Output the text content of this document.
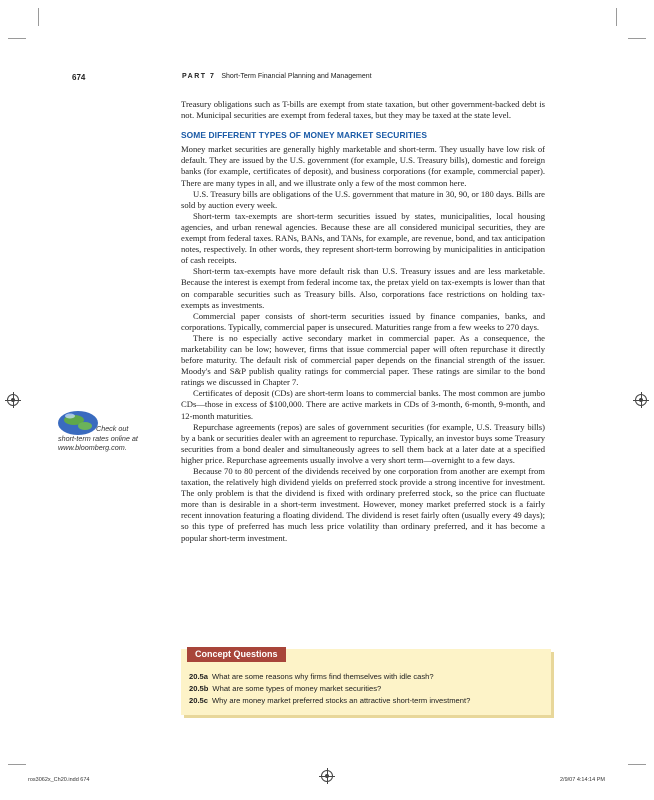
674	PART 7 Short-Term Financial Planning and Management
Check out
short-term rates online at
www.bloomberg.com.

Treasury obligations such as T-bills are exempt from state taxation, but other government-backed debt is not. Municipal securities are exempt from federal taxes, but they may be taxed at the state level.

SOME DIFFERENT TYPES OF MONEY MARKET SECURITIES

Money market securities are generally highly marketable and short-term. They usually have low risk of default. They are issued by the U.S. government (for example, U.S. Treasury bills), domestic and foreign banks (for example, certificates of deposit), and business corporations (for example, commercial paper). There are many types in all, and we illustrate only a few of the most common here.

U.S. Treasury bills are obligations of the U.S. government that mature in 30, 90, or 180 days. Bills are sold by auction every week.

Short-term tax-exempts are short-term securities issued by states, municipalities, local housing agencies, and urban renewal agencies. Because these are all considered municipal securities, they are exempt from federal taxes. RANs, BANs, and TANs, for example, are revenue, bond, and tax anticipation notes, respectively. In other words, they represent short-term borrowing by municipalities in anticipation of cash receipts.

Short-term tax-exempts have more default risk than U.S. Treasury issues and are less marketable. Because the interest is exempt from federal income tax, the pretax yield on tax-exempts is lower than that on comparable securities such as Treasury bills. Also, corporations face restrictions on holding tax-exempts as investments.

Commercial paper consists of short-term securities issued by finance companies, banks, and corporations. Typically, commercial paper is unsecured. Maturities range from a few weeks to 270 days.

There is no especially active secondary market in commercial paper. As a consequence, the marketability can be low; however, firms that issue commercial paper will often repurchase it directly before maturity. The default risk of commercial paper depends on the financial strength of the issuer. Moody's and S&P publish quality ratings for commercial paper. These ratings are similar to the bond ratings we discussed in Chapter 7.

Certificates of deposit (CDs) are short-term loans to commercial banks. The most common are jumbo CDs—those in excess of $100,000. There are active markets in CDs of 3-month, 6-month, 9-month, and 12-month maturities.

Repurchase agreements (repos) are sales of government securities (for example, U.S. Treasury bills) by a bank or securities dealer with an agreement to repurchase. Typically, an investor buys some Treasury securities from a bond dealer and simultaneously agrees to sell them back at a later date at a specified higher price. Repurchase agreements usually involve a very short term—overnight to a few days.

Because 70 to 80 percent of the dividends received by one corporation from another are exempt from taxation, the relatively high dividend yields on preferred stock provide a strong incentive for investment. The only problem is that the dividend is fixed with ordinary preferred stock, so the price can fluctuate more than is desirable in a short-term investment. However, money market preferred stock is a fairly recent innovation featuring a floating dividend. The dividend is reset fairly often (usually every 49 days); so this type of preferred has much less price volatility than ordinary preferred, and it has become a popular short-term investment.

Concept Questions
20.5a What are some reasons why firms find themselves with idle cash?
20.5b What are some types of money market securities?
20.5c Why are money market preferred stocks an attractive short-term investment?
ros3062x_Ch20.indd 674	2/9/07 4:14:14 PM
